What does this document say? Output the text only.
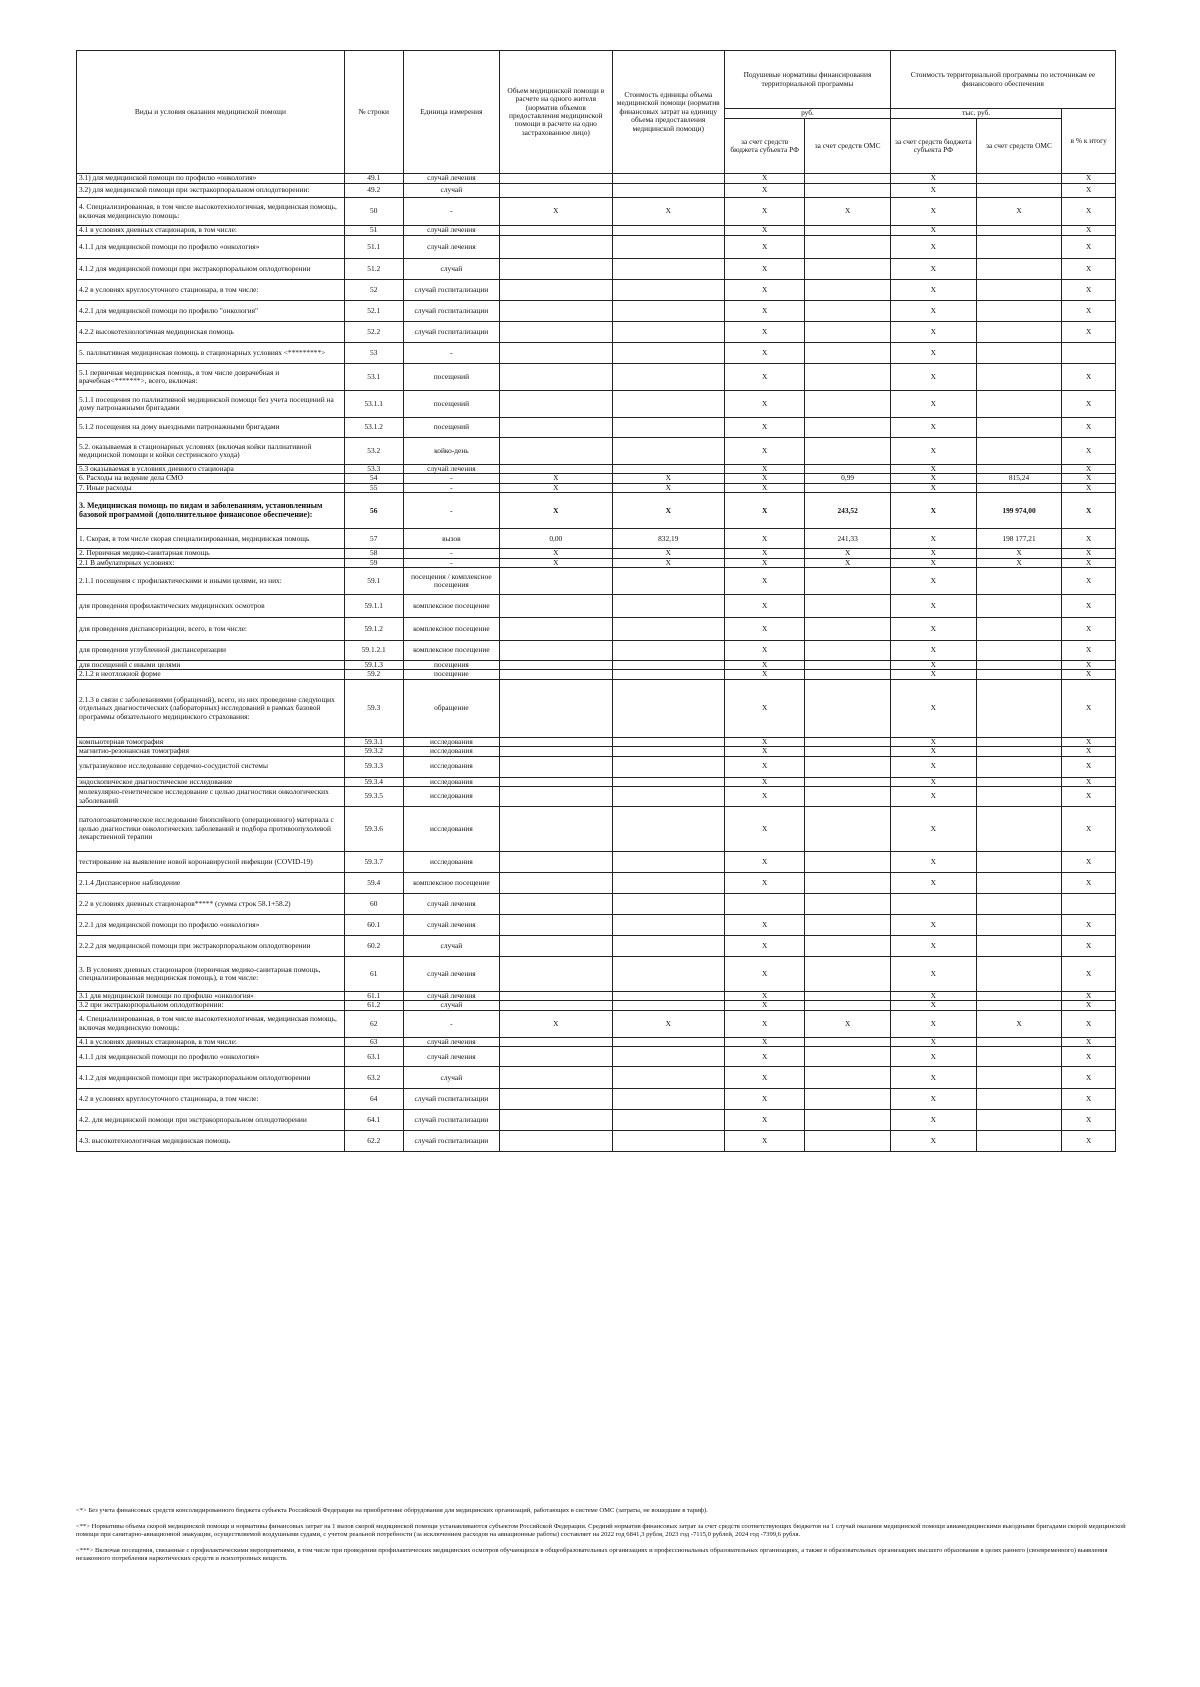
Виды и условия оказания медицинской помощи	№ строки	Единица измерения	Объем медицинской помощи в расчете на одного жителя (норматив объемов предоставления медицинской помощи в расчете на одно застрахованное лицо)	Стоимость единицы объема медицинской помощи (норматив финансовых затрат на единицу объема предоставления медицинской помощи)	Подушевые нормативы финансирования территориальной программы		Стоимость территориальной программы по источникам ее финансового обеспечения		
					руб.		тыс. руб.		в % к итогу
					за счет средств бюджета субъекта РФ	за счет средств ОМС	за счет средств бюджета субъекта РФ	за счет средств ОМС	
3.1) для медицинской помощи по профилю «онкология»	49.1	случай лечения			X		X		X
3.2) для медицинской помощи при экстракорпоральном оплодотворении:	49.2	случай			X		X		X
4. Специализированная, в том числе высокотехнологичная, медицинская помощь, включая медицинскую помощь:	50	-	X	X	X	X	X	X	X
4.1 в условиях дневных стационаров, в том числе:	51	случай лечения			X		X		X
4.1.1 для медицинской помощи по профилю «онкология»	51.1	случай лечения			X		X		X
4.1.2 для медицинской помощи при экстракорпоральном оплодотворении	51.2	случай			X		X		X
4.2 в условиях круглосуточного стационара, в том числе:	52	случай госпитализации			X		X		X
4.2.1 для медицинской помощи по профилю "онкология"	52.1	случай госпитализации			X		X		X
4.2.2 высокотехнологичная медицинская помощь	52.2	случай госпитализации			X		X		X
5. паллиативная медицинская помощь в стационарных условиях <*********>	53	-			X		X		
5.1 первичная медицинская помощь, в том числе доврачебная и врачебная<*******>, всего, включая:	53.1	посещений			X		X		X
5.1.1 посещения по паллиативной медицинской помощи без учета посещений на дому патронажными бригадами	53.1.1	посещений			X		X		X
5.1.2 посещения на дому выездными патронажными бригадами	53.1.2	посещений			X		X		X
5.2. оказываемая в стационарных условиях (включая койки паллиативной медицинской помощи и койки сестринского ухода)	53.2	койко-день			X		X		X
5.3 оказываемая в условиях дневного стационара	53.3	случай лечения			X		X		X
6. Расходы на ведение дела СМО	54	-	X	X	X	0,99	X	815,24	X
7. Иные расходы	55	-	X	X	X		X		X
3. Медицинская помощь по видам и заболеваниям, установленным базовой программой (дополнительное финансовое обеспечение):	56	-	X	X	X	243,52	X	199 974,00	X
1. Скорая, в том числе скорая специализированная, медицинская помощь	57	вызов	0,00	832,19	X	241,33	X	198 177,21	X
2. Первичная медико-санитарная помощь	58	-	X	X	X	X	X	X	X
2.1 В амбулаторных условиях:	59	-	X	X	X	X	X	X	X
2.1.1 посещения с профилактическими и иными целями, из них:	59.1	посещения / комплексное посещения			X		X		X
для проведения профилактических медицинских осмотров	59.1.1	комплексное посещение			X		X		X
для проведения диспансеризации, всего, в том числе:	59.1.2	комплексное посещение			X		X		X
для проведения углубленной диспансеризации	59.1.2.1	комплексное посещение			X		X		X
для посещений с иными целями	59.1.3	посещения			X		X		X
2.1.2 в неотложной форме	59.2	посещение			X		X		X
2.1.3 в связи с заболеваниями (обращений), всего, из них проведение следующих отдельных диагностических (лабораторных) исследований в рамках базовой программы обязательного медицинского страхования:	59.3	обращение			X		X		X
компьютерная томография	59.3.1	исследования			X		X		X
магнитно-резонансная томография	59.3.2	исследования			X		X		X
ультразвуковое исследование сердечно-сосудистой системы	59.3.3	исследования			X		X		X
эндоскопическое диагностическое исследование	59.3.4	исследования			X		X		X
молекулярно-генетическое исследование с целью диагностики онкологических заболеваний	59.3.5	исследования			X		X		X
патологоанатомическое исследование биопсийного (операционного) материала с целью диагностики онкологических заболеваний и подбора противоопухолевой лекарственной терапии	59.3.6	исследования			X		X		X
тестирование на выявление новой коронавирусной инфекции (COVID-19)	59.3.7	исследования			X		X		X
2.1.4 Диспансерное наблюдение	59.4	комплексное посещение			X		X		X
2.2 в условиях дневных стационаров***** (сумма строк 58.1+58.2)	60	случай лечения							
2.2.1 для медицинской помощи по профилю «онкология»	60.1	случай лечения			X		X		X
2.2.2 для медицинской помощи при экстракорпоральном оплодотворении	60.2	случай			X		X		X
3. В условиях дневных стационаров (первичная медико-санитарная помощь, специализированная медицинская помощь), в том числе:	61	случай лечения			X		X		X
3.1 для медицинской помощи по профилю «онкология»	61.1	случай лечения			X		X		X
3.2 при экстракорпоральном оплодотворении:	61.2	случай			X		X		X
4. Специализированная, в том числе высокотехнологичная, медицинская помощь, включая медицинскую помощь:	62	-	X	X	X	X	X	X	X
4.1 в условиях дневных стационаров, в том числе:	63	случай лечения			X		X		X
4.1.1 для медицинской помощи по профилю «онкология»	63.1	случай лечения			X		X		X
4.1.2 для медицинской помощи при экстракорпоральном оплодотворении	63.2	случай			X		X		X
4.2 в условиях круглосуточного стационара, в том числе:	64	случай госпитализации			X		X		X
4.2. для медицинской помощи при экстракорпоральном оплодотворении	64.1	случай госпитализации			X		X		X
4.3. высокотехнологичная медицинская помощь	62.2	случай госпитализации			X		X		X

<*> Без учета финансовых средств консолидированного бюджета субъекта Российской Федерации на приобретение оборудования для медицинских организаций, работающих в системе ОМС (затраты, не вошедшие в тариф).

<**> Нормативы объема скорой медицинской помощи и нормативы финансовых затрат на 1 вызов скорой медицинской помощи устанавливаются субъектом Российской Федерации. Средний норматив финансовых затрат за счет средств соответствующих бюджетов на 1 случай оказания медицинской помощи авиамедицинскими выездными бригадами скорой медицинской помощи при санитарно-авиационной эвакуации, осуществляемой воздушными судами, с учетом реальной потребности (за исключением расходов на авиационные работы) составляет на 2022 год 6841,3 рубля, 2023 год -7115,0 рублей, 2024 год -7399,6 рубля.

<***> Включая посещения, связанные с профилактическими мероприятиями, в том числе при проведении профилактических медицинских осмотров обучающихся в общеобразовательных организациях и профессиональных образовательных организациях, а также в образовательных организациях высшего образования в целях раннего (своевременного) выявления незаконного потребления наркотических средств и психотропных веществ.
